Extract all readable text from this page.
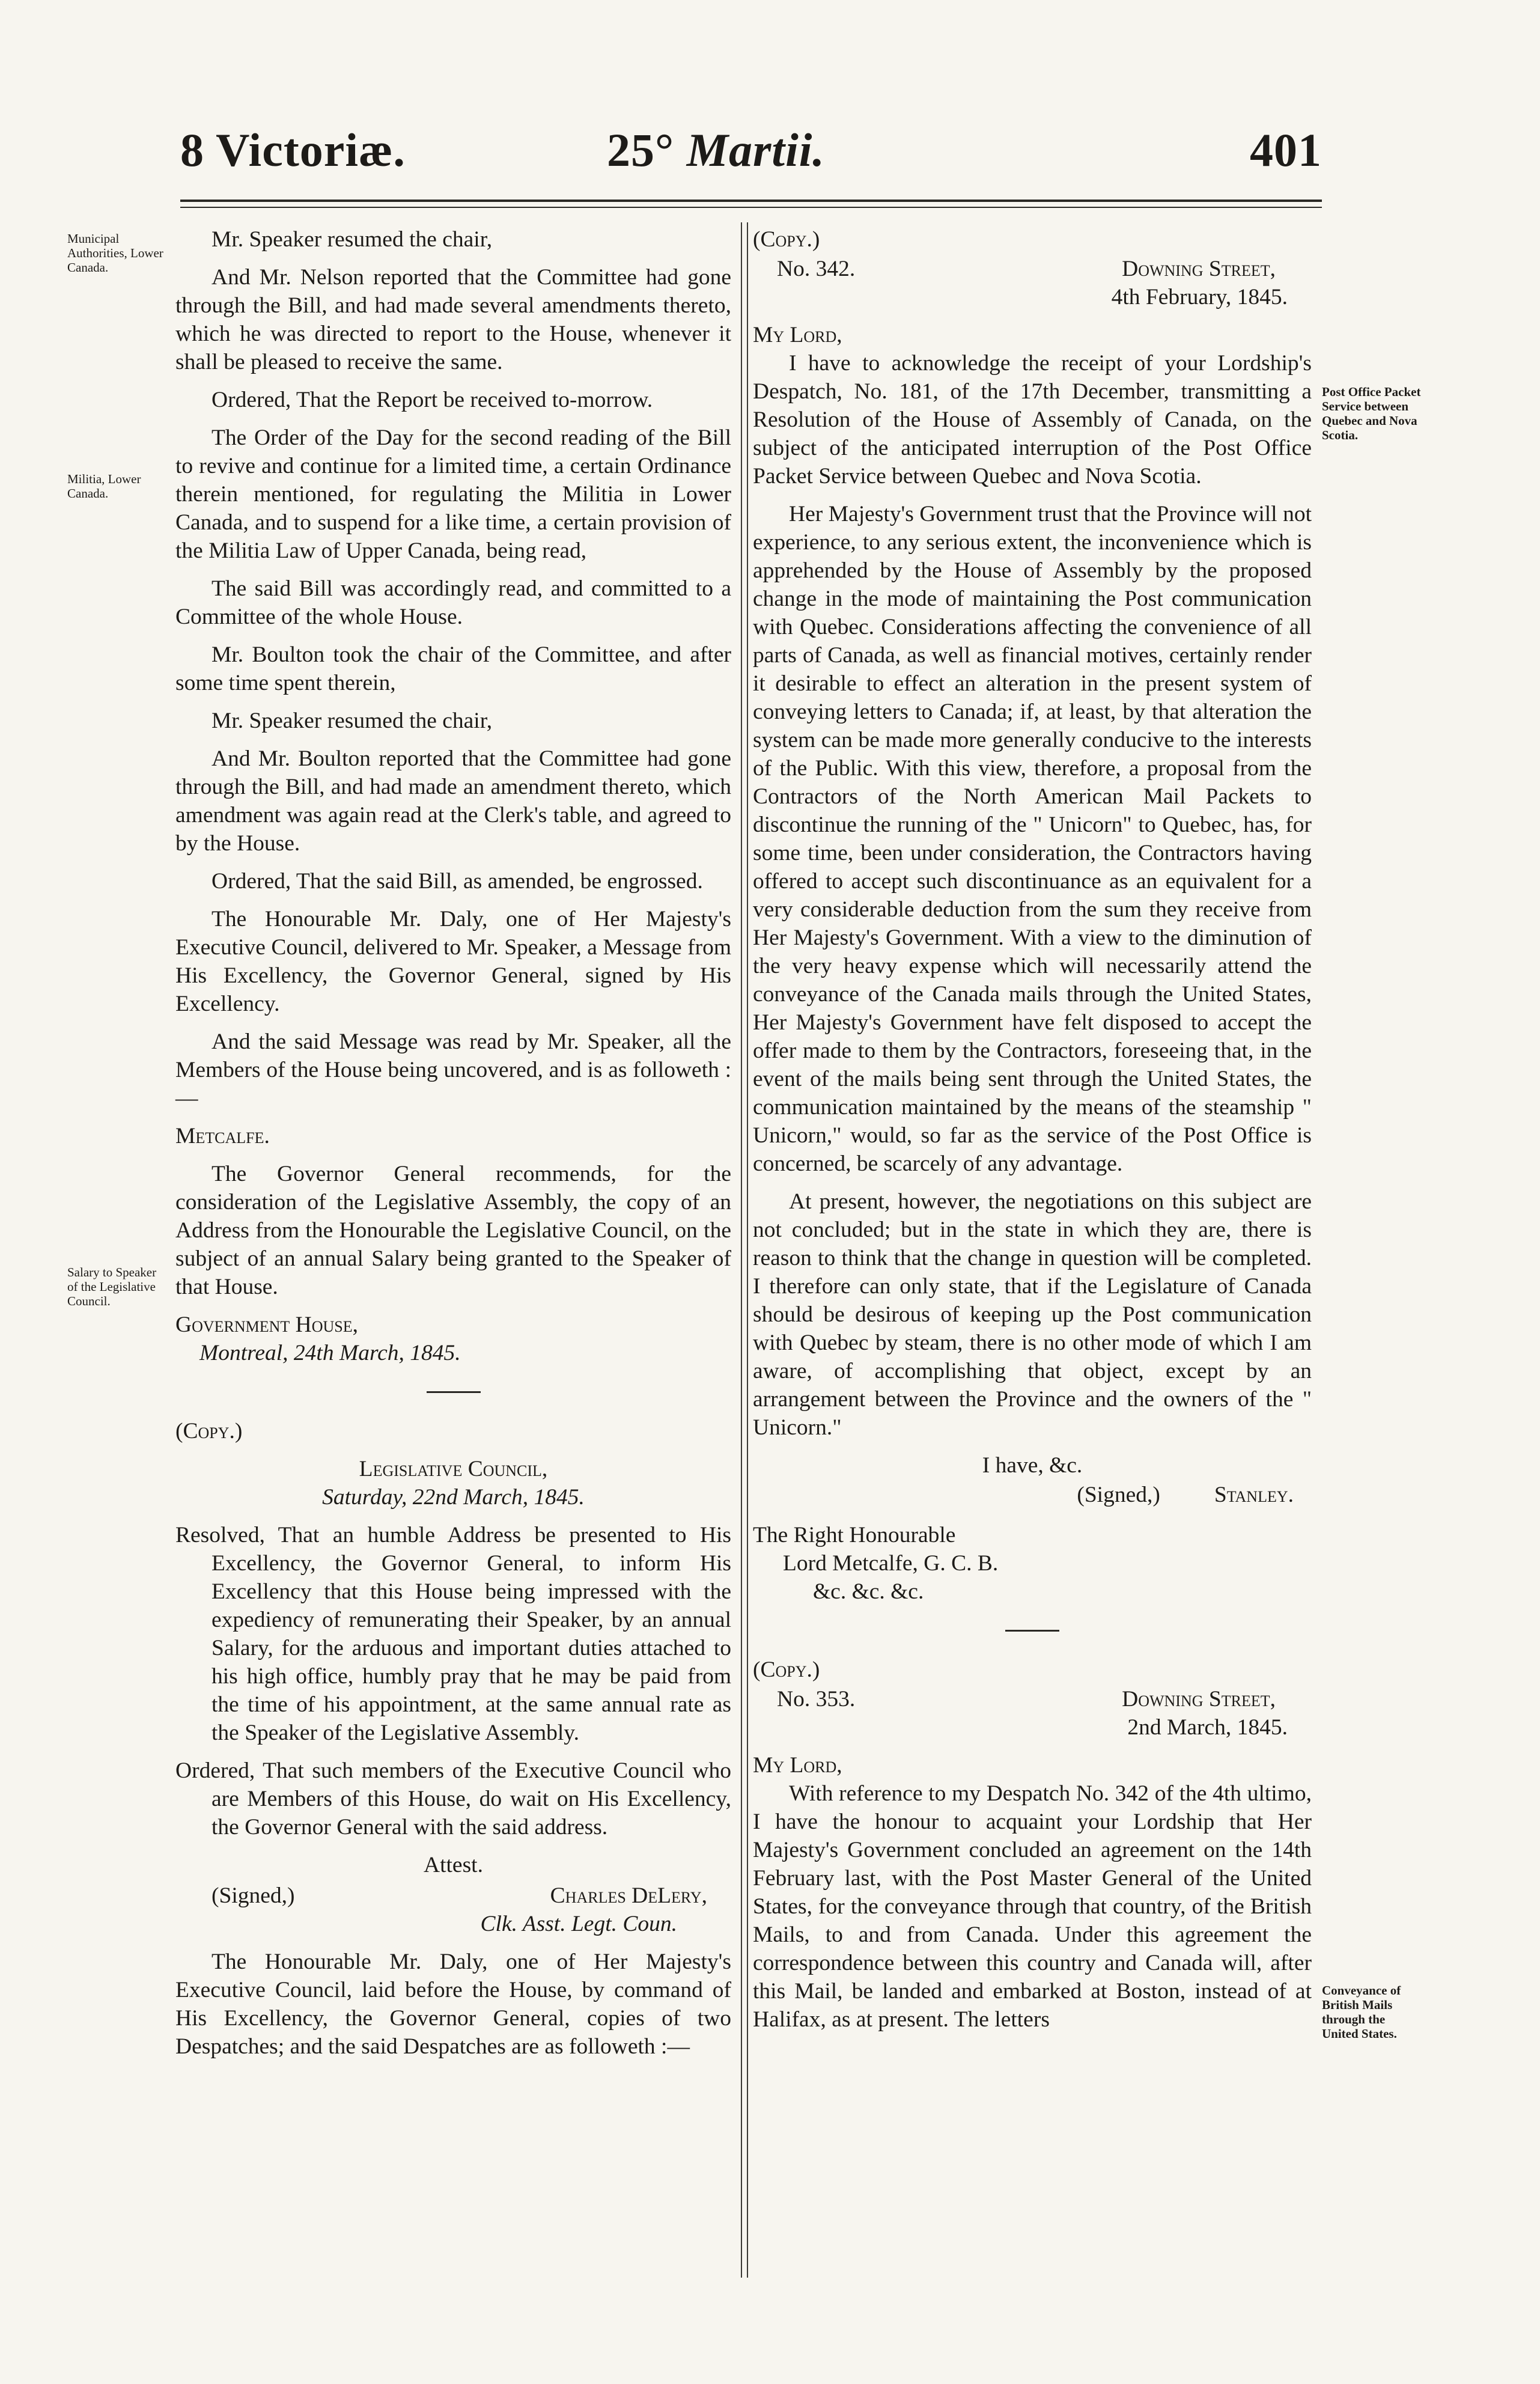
8 Victoriæ.	25° Martii.	401
Municipal Authorities, Lower Canada.
Militia, Lower Canada.
Salary to Speaker of the Legislative Council.
Post Office Packet Service between Quebec and Nova Scotia.
Conveyance of British Mails through the United States.

Mr. Speaker resumed the chair,

And Mr. Nelson reported that the Committee had gone through the Bill, and had made several amendments thereto, which he was directed to report to the House, whenever it shall be pleased to receive the same.

Ordered, That the Report be received to-morrow.

The Order of the Day for the second reading of the Bill to revive and continue for a limited time, a certain Ordinance therein mentioned, for regulating the Militia in Lower Canada, and to suspend for a like time, a certain provision of the Militia Law of Upper Canada, being read,

The said Bill was accordingly read, and committed to a Committee of the whole House.

Mr. Boulton took the chair of the Committee, and after some time spent therein,

Mr. Speaker resumed the chair,

And Mr. Boulton reported that the Committee had gone through the Bill, and had made an amendment thereto, which amendment was again read at the Clerk's table, and agreed to by the House.

Ordered, That the said Bill, as amended, be engrossed.

The Honourable Mr. Daly, one of Her Majesty's Executive Council, delivered to Mr. Speaker, a Message from His Excellency, the Governor General, signed by His Excellency.

And the said Message was read by Mr. Speaker, all the Members of the House being uncovered, and is as followeth :—

Metcalfe.

The Governor General recommends, for the consideration of the Legislative Assembly, the copy of an Address from the Honourable the Legislative Council, on the subject of an annual Salary being granted to the Speaker of that House.

Government House,

Montreal, 24th March, 1845.

(Copy.)

Legislative Council,

Saturday, 22nd March, 1845.

Resolved, That an humble Address be presented to His Excellency, the Governor General, to inform His Excellency that this House being impressed with the expediency of remunerating their Speaker, by an annual Salary, for the arduous and important duties attached to his high office, humbly pray that he may be paid from the time of his appointment, at the same annual rate as the Speaker of the Legislative Assembly.

Ordered, That such members of the Executive Council who are Members of this House, do wait on His Excellency, the Governor General with the said address.

Attest.

(Signed,)	Charles DeLery,

Clk. Asst. Legt. Coun.

The Honourable Mr. Daly, one of Her Majesty's Executive Council, laid before the House, by command of His Excellency, the Governor General, copies of two Despatches; and the said Despatches are as followeth :—

(Copy.)

No. 342.	Downing Street,

4th February, 1845.

My Lord,

I have to acknowledge the receipt of your Lordship's Despatch, No. 181, of the 17th December, transmitting a Resolution of the House of Assembly of Canada, on the subject of the anticipated interruption of the Post Office Packet Service between Quebec and Nova Scotia.

Her Majesty's Government trust that the Province will not experience, to any serious extent, the inconvenience which is apprehended by the House of Assembly by the proposed change in the mode of maintaining the Post communication with Quebec. Considerations affecting the convenience of all parts of Canada, as well as financial motives, certainly render it desirable to effect an alteration in the present system of conveying letters to Canada; if, at least, by that alteration the system can be made more generally conducive to the interests of the Public. With this view, therefore, a proposal from the Contractors of the North American Mail Packets to discontinue the running of the " Unicorn" to Quebec, has, for some time, been under consideration, the Contractors having offered to accept such discontinuance as an equivalent for a very considerable deduction from the sum they receive from Her Majesty's Government. With a view to the diminution of the very heavy expense which will necessarily attend the conveyance of the Canada mails through the United States, Her Majesty's Government have felt disposed to accept the offer made to them by the Contractors, foreseeing that, in the event of the mails being sent through the United States, the communication maintained by the means of the steamship " Unicorn," would, so far as the service of the Post Office is concerned, be scarcely of any advantage.

At present, however, the negotiations on this subject are not concluded; but in the state in which they are, there is reason to think that the change in question will be completed. I therefore can only state, that if the Legislature of Canada should be desirous of keeping up the Post communication with Quebec by steam, there is no other mode of which I am aware, of accomplishing that object, except by an arrangement between the Province and the owners of the " Unicorn."

I have, &c.

(Signed,) Stanley.

The Right Honourable

Lord Metcalfe, G. C. B.

&c. &c. &c.

(Copy.)

No. 353.	Downing Street,

2nd March, 1845.

My Lord,

With reference to my Despatch No. 342 of the 4th ultimo, I have the honour to acquaint your Lordship that Her Majesty's Government concluded an agreement on the 14th February last, with the Post Master General of the United States, for the conveyance through that country, of the British Mails, to and from Canada. Under this agreement the correspondence between this country and Canada will, after this Mail, be landed and embarked at Boston, instead of at Halifax, as at present. The letters
